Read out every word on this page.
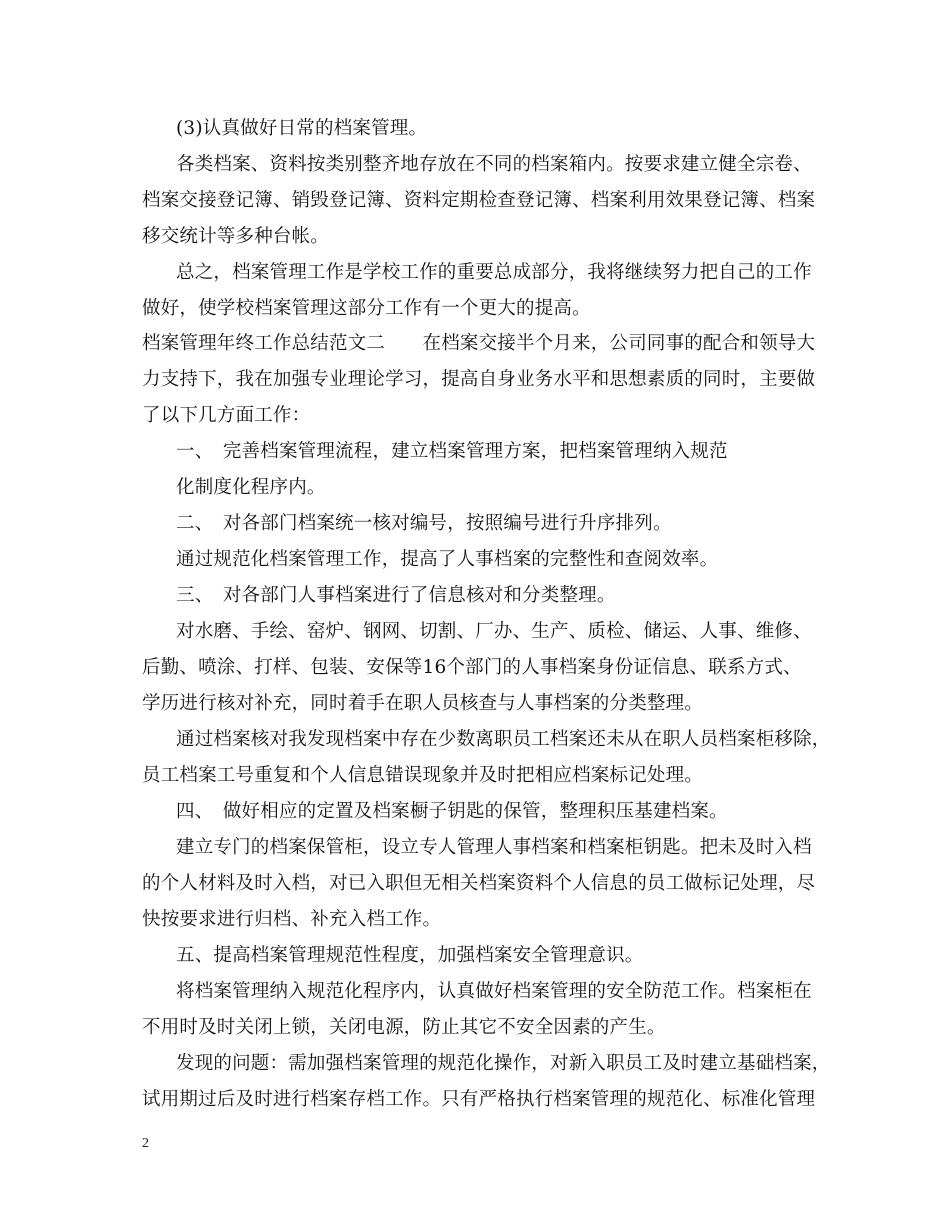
(3)认真做好日常的档案管理。
各类档案、资料按类别整齐地存放在不同的档案箱内。按要求建立健全宗卷、
档案交接登记簿、销毁登记簿、资料定期检查登记簿、档案利用效果登记簿、档案
移交统计等多种台帐。
总之，档案管理工作是学校工作的重要总成部分，我将继续努力把自己的工作
做好，使学校档案管理这部分工作有一个更大的提高。
档案管理年终工作总结范文二　　在档案交接半个月来，公司同事的配合和领导大
力支持下，我在加强专业理论学习，提高自身业务水平和思想素质的同时，主要做
了以下几方面工作：
一、　完善档案管理流程，建立档案管理方案，把档案管理纳入规范
化制度化程序内。
二、　对各部门档案统一核对编号，按照编号进行升序排列。
通过规范化档案管理工作，提高了人事档案的完整性和查阅效率。
三、　对各部门人事档案进行了信息核对和分类整理。
对水磨、手绘、窑炉、钢网、切割、厂办、生产、质检、储运、人事、维修、
后勤、喷涂、打样、包装、安保等16个部门的人事档案身份证信息、联系方式、
学历进行核对补充，同时着手在职人员核查与人事档案的分类整理。
通过档案核对我发现档案中存在少数离职员工档案还未从在职人员档案柜移除，
员工档案工号重复和个人信息错误现象并及时把相应档案标记处理。
四、　做好相应的定置及档案橱子钥匙的保管，整理积压基建档案。
建立专门的档案保管柜，设立专人管理人事档案和档案柜钥匙。把未及时入档
的个人材料及时入档，对已入职但无相关档案资料个人信息的员工做标记处理，尽
快按要求进行归档、补充入档工作。
五、提高档案管理规范性程度，加强档案安全管理意识。
将档案管理纳入规范化程序内，认真做好档案管理的安全防范工作。档案柜在
不用时及时关闭上锁，关闭电源，防止其它不安全因素的产生。
发现的问题：需加强档案管理的规范化操作，对新入职员工及时建立基础档案，
试用期过后及时进行档案存档工作。只有严格执行档案管理的规范化、标准化管理
2
